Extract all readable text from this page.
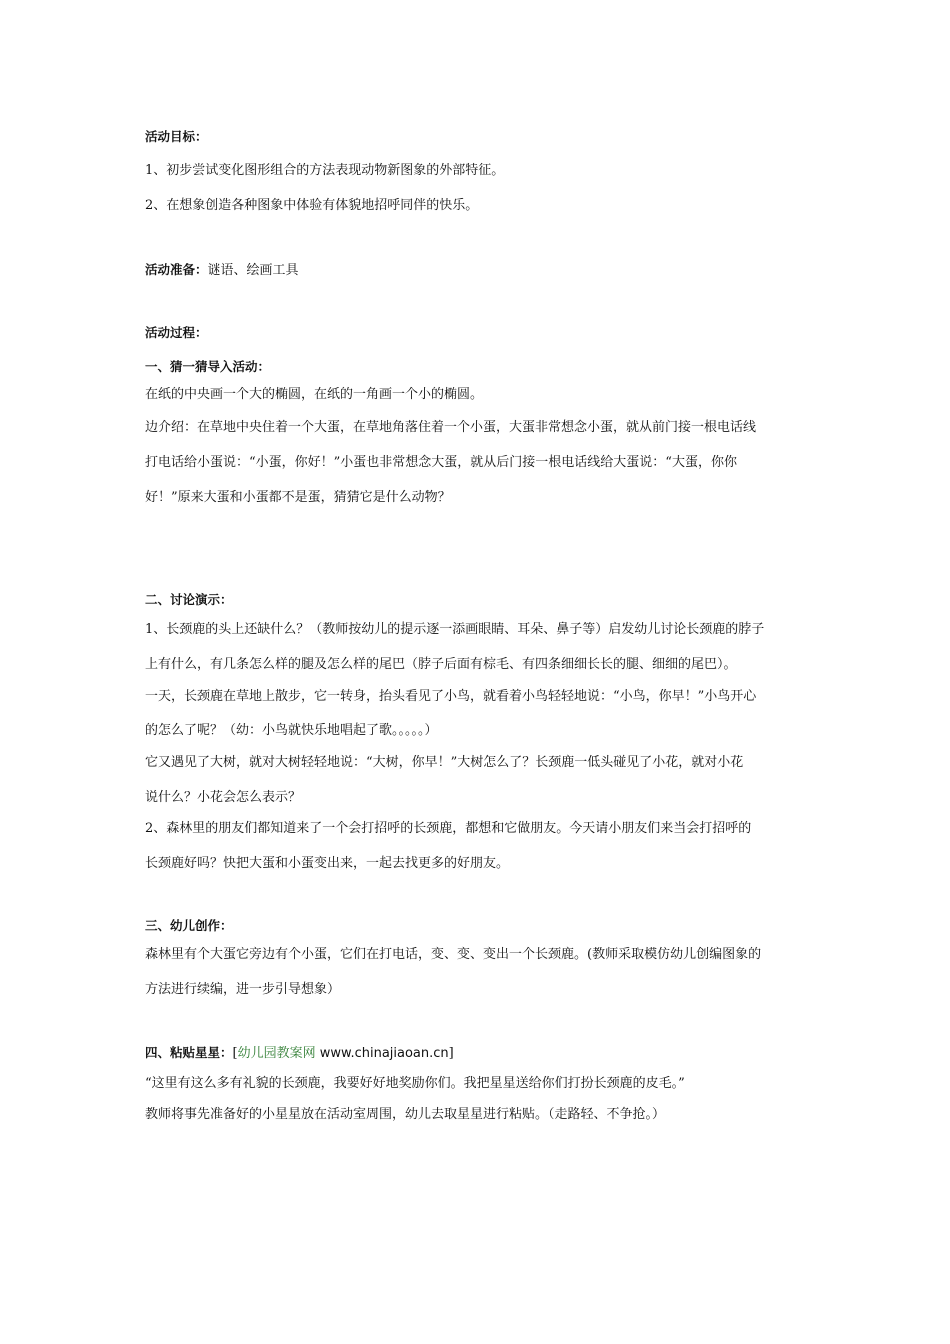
活动目标：
1、初步尝试变化图形组合的方法表现动物新图象的外部特征。
2、在想象创造各种图象中体验有体貌地招呼同伴的快乐。
活动准备：谜语、绘画工具
活动过程：
一、猜一猜导入活动：
在纸的中央画一个大的椭圆，在纸的一角画一个小的椭圆。
边介绍：在草地中央住着一个大蛋，在草地角落住着一个小蛋，大蛋非常想念小蛋，就从前门接一根电话线
打电话给小蛋说：“小蛋，你好！”小蛋也非常想念大蛋，就从后门接一根电话线给大蛋说：“大蛋，你你
好！”原来大蛋和小蛋都不是蛋，猜猜它是什么动物？
二、讨论演示：
1、长颈鹿的头上还缺什么？（教师按幼儿的提示逐一添画眼睛、耳朵、鼻子等）启发幼儿讨论长颈鹿的脖子
上有什么，有几条怎么样的腿及怎么样的尾巴（脖子后面有棕毛、有四条细细长长的腿、细细的尾巴）。
一天，长颈鹿在草地上散步，它一转身，抬头看见了小鸟，就看着小鸟轻轻地说：“小鸟，你早！”小鸟开心
的怎么了呢？（幼：小鸟就快乐地唱起了歌。。。。。）
它又遇见了大树，就对大树轻轻地说：“大树，你早！”大树怎么了？长颈鹿一低头碰见了小花，就对小花
说什么？小花会怎么表示？
2、森林里的朋友们都知道来了一个会打招呼的长颈鹿，都想和它做朋友。今天请小朋友们来当会打招呼的
长颈鹿好吗？快把大蛋和小蛋变出来，一起去找更多的好朋友。
三、幼儿创作：
森林里有个大蛋它旁边有个小蛋，它们在打电话，变、变、变出一个长颈鹿。(教师采取模仿幼儿创编图象的
方法进行续编，进一步引导想象）
四、粘贴星星：[幼儿园教案网 www.chinajiaoan.cn]
“这里有这么多有礼貌的长颈鹿，我要好好地奖励你们。我把星星送给你们打扮长颈鹿的皮毛。”
教师将事先准备好的小星星放在活动室周围，幼儿去取星星进行粘贴。（走路轻、不争抢。）
